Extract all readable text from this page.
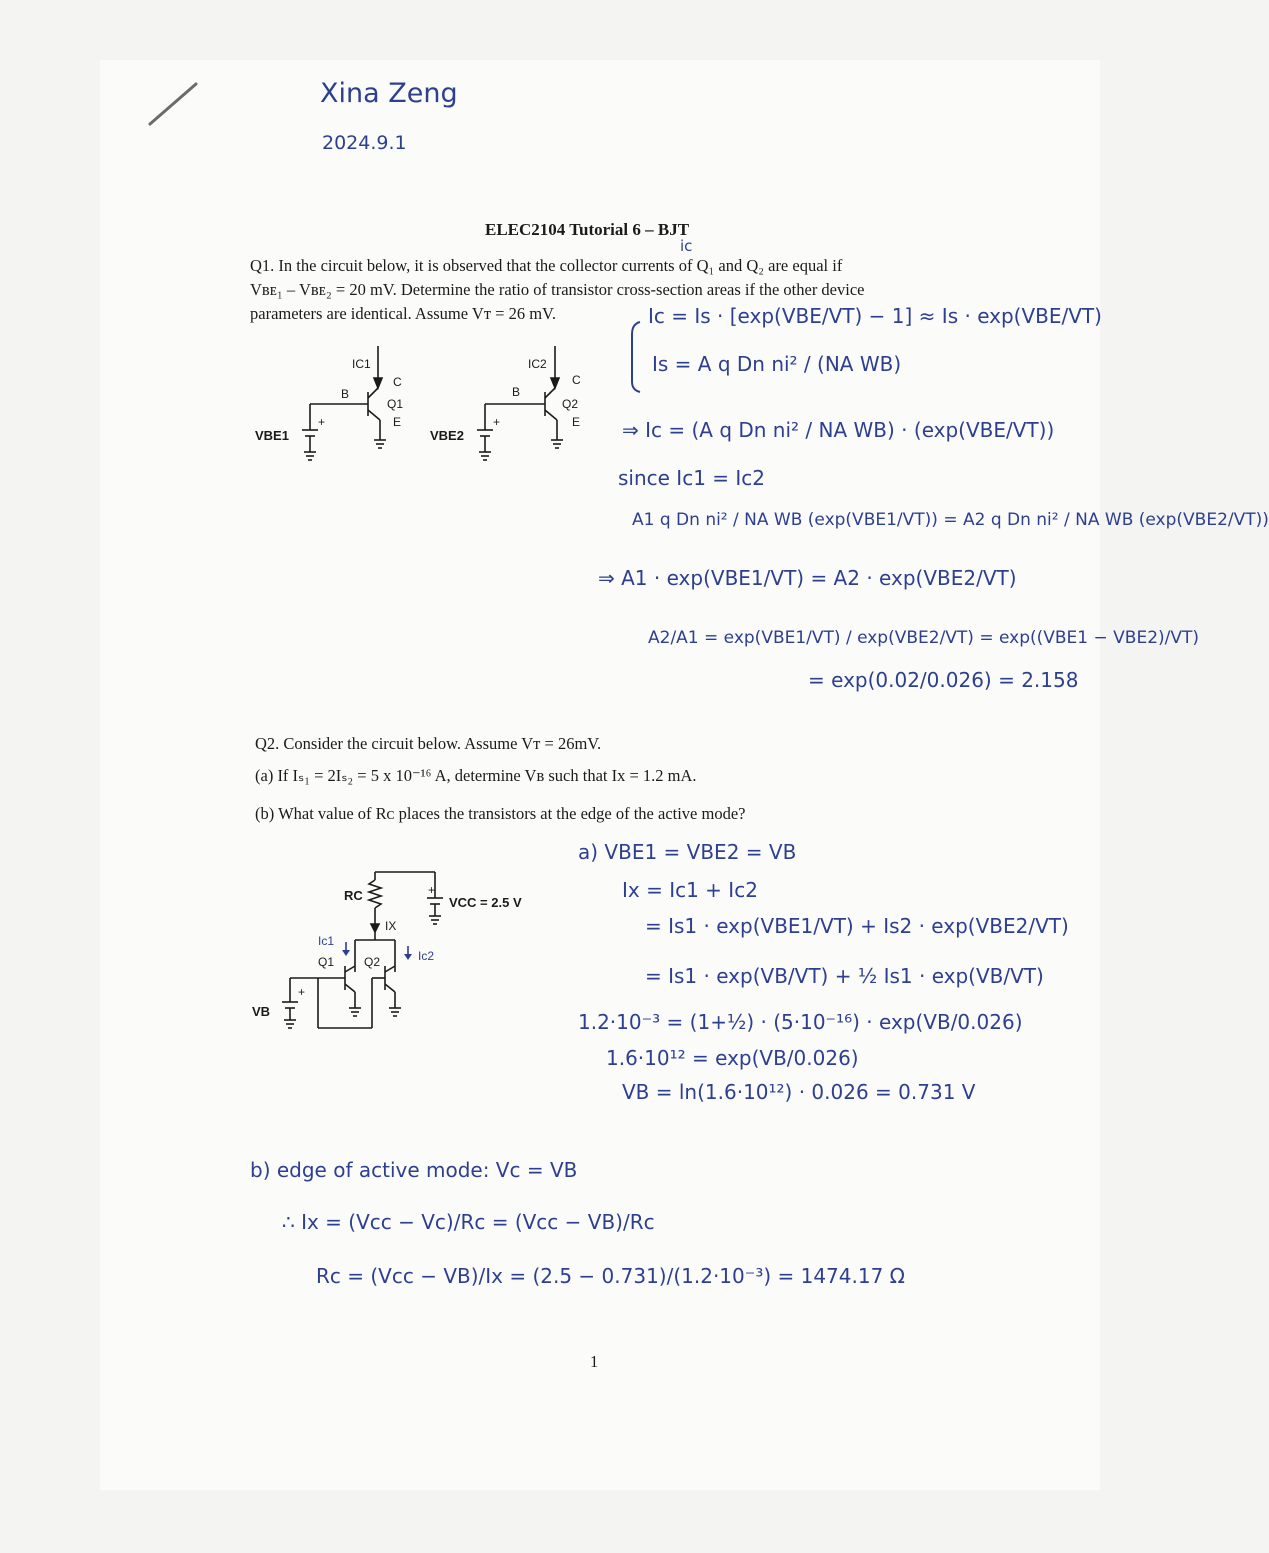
Xina Zeng
2024.9.1
ELEC2104 Tutorial 6 – BJT
ic
Q1. In the circuit below, it is observed that the collector currents of Q₁ and Q₂ are equal if
Vʙᴇ₁ – Vʙᴇ₂ = 20 mV. Determine the ratio of transistor cross-section areas if the other device
parameters are identical. Assume Vᴛ = 26 mV.
IC1
C
B
Q1
E
VBE1
+
IC2
C
B
Q2
E
VBE2
+
Ic = Is · [exp(VBE/VT) − 1] ≈ Is · exp(VBE/VT)
Is = A q Dn ni² / (NA WB)
⇒ Ic = (A q Dn ni² / NA WB) · (exp(VBE/VT))
since Ic1 = Ic2
A1 q Dn ni² / NA WB (exp(VBE1/VT)) = A2 q Dn ni² / NA WB (exp(VBE2/VT))
⇒ A1 · exp(VBE1/VT) = A2 · exp(VBE2/VT)
A2/A1 = exp(VBE1/VT) / exp(VBE2/VT) = exp((VBE1 − VBE2)/VT)
= exp(0.02/0.026) = 2.158
Q2. Consider the circuit below. Assume Vᴛ = 26mV.
(a) If Iₛ₁ = 2Iₛ₂ = 5 x 10⁻¹⁶ A, determine Vʙ such that Ix = 1.2 mA.
(b) What value of Rᴄ places the transistors at the edge of the active mode?
RC
IX
VCC = 2.5 V
+
Ic1
Ic2
Q1 Q2
VB
+
a) VBE1 = VBE2 = VB
Ix = Ic1 + Ic2
= Is1 · exp(VBE1/VT) + Is2 · exp(VBE2/VT)
= Is1 · exp(VB/VT) + ½ Is1 · exp(VB/VT)
1.2·10⁻³ = (1+½) · (5·10⁻¹⁶) · exp(VB/0.026)
1.6·10¹² = exp(VB/0.026)
VB = ln(1.6·10¹²) · 0.026 = 0.731 V
b) edge of active mode: Vc = VB
∴ Ix = (Vcc − Vc)/Rc = (Vcc − VB)/Rc
Rc = (Vcc − VB)/Ix = (2.5 − 0.731)/(1.2·10⁻³) = 1474.17 Ω
1
